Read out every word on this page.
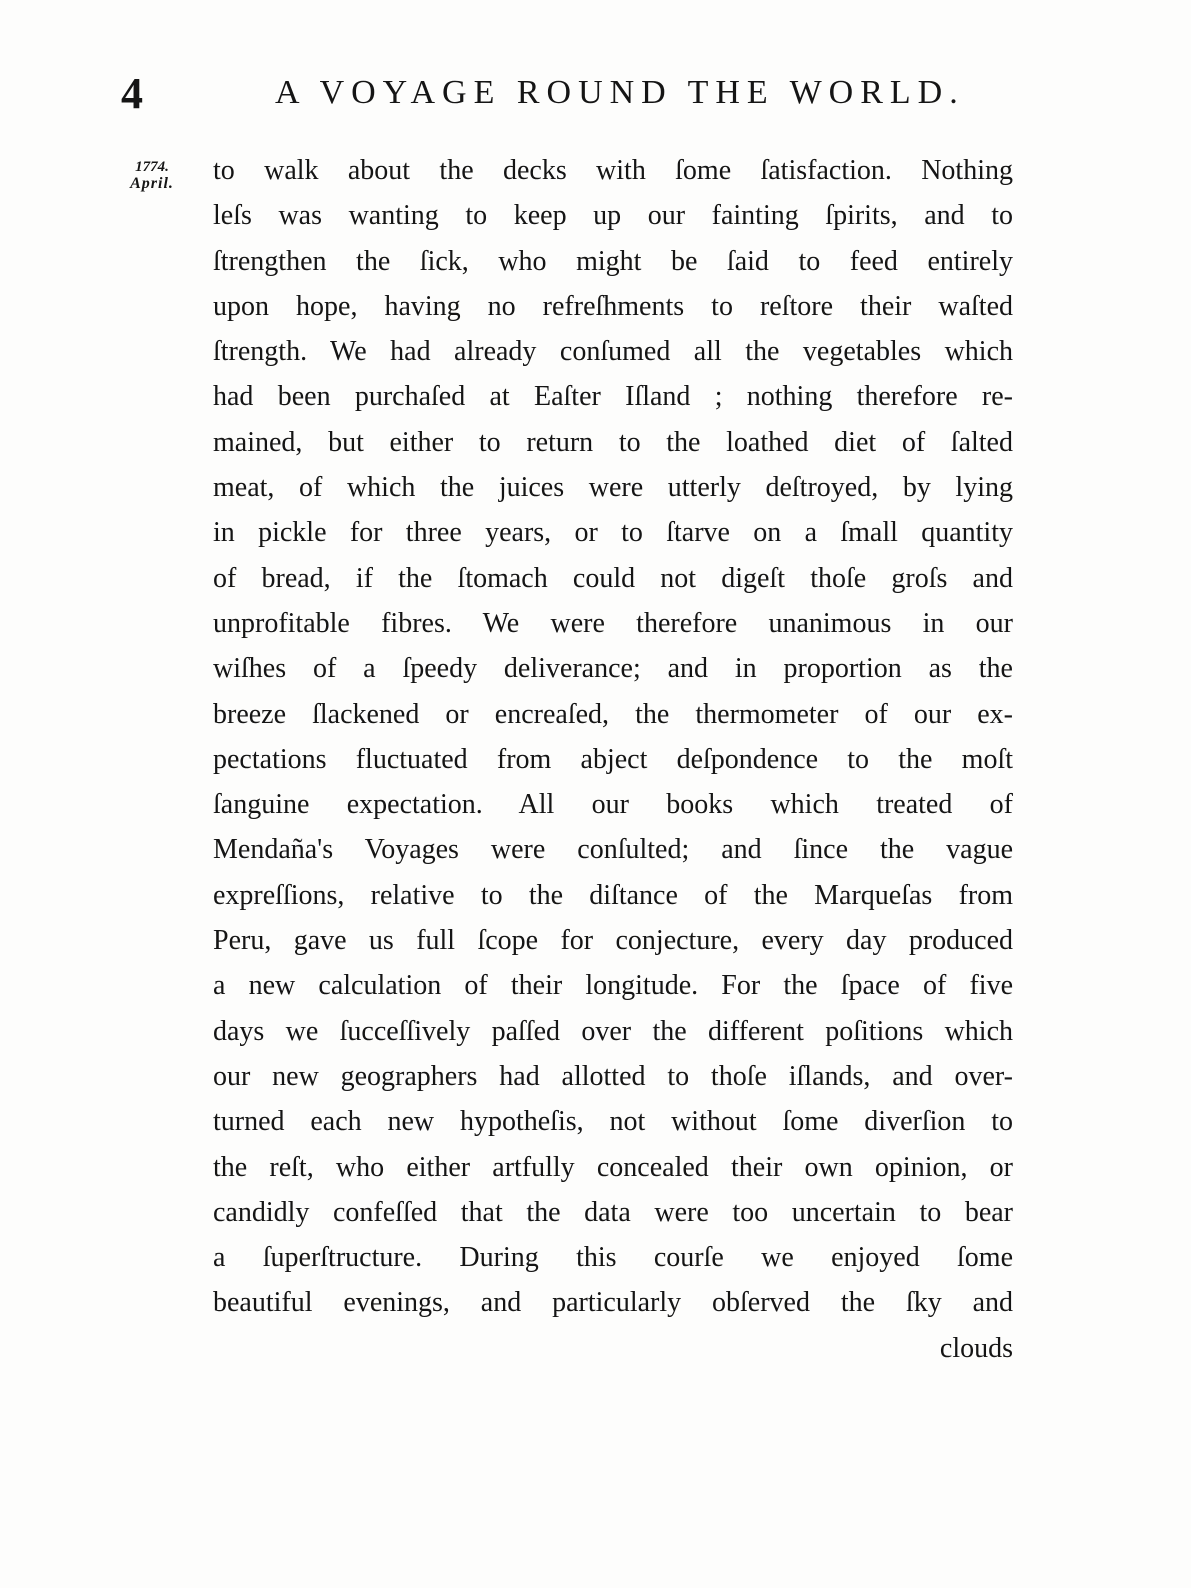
4	A VOYAGE ROUND THE WORLD.
1774.
April.	to walk about the decks with ſome ſatisfaction. Nothing
leſs was wanting to keep up our fainting ſpirits, and to
ſtrengthen the ſick, who might be ſaid to feed entirely
upon hope, having no refreſhments to reſtore their waſted
ſtrength. We had already conſumed all the vegetables which
had been purchaſed at Eaſter Iſland ; nothing therefore re-
mained, but either to return to the loathed diet of ſalted
meat, of which the juices were utterly deſtroyed, by lying
in pickle for three years, or to ſtarve on a ſmall quantity
of bread, if the ſtomach could not digeſt thoſe groſs and
unprofitable fibres. We were therefore unanimous in our
wiſhes of a ſpeedy deliverance; and in proportion as the
breeze ſlackened or encreaſed, the thermometer of our ex-
pectations fluctuated from abject deſpondence to the moſt
ſanguine expectation. All our books which treated of
Mendaña's Voyages were conſulted; and ſince the vague
expreſſions, relative to the diſtance of the Marqueſas from
Peru, gave us full ſcope for conjecture, every day produced
a new calculation of their longitude. For the ſpace of five
days we ſucceſſively paſſed over the different poſitions which
our new geographers had allotted to thoſe iſlands, and over-
turned each new hypotheſis, not without ſome diverſion to
the reſt, who either artfully concealed their own opinion, or
candidly confeſſed that the data were too uncertain to bear
a ſuperſtructure. During this courſe we enjoyed ſome
beautiful evenings, and particularly obſerved the ſky and
clouds
